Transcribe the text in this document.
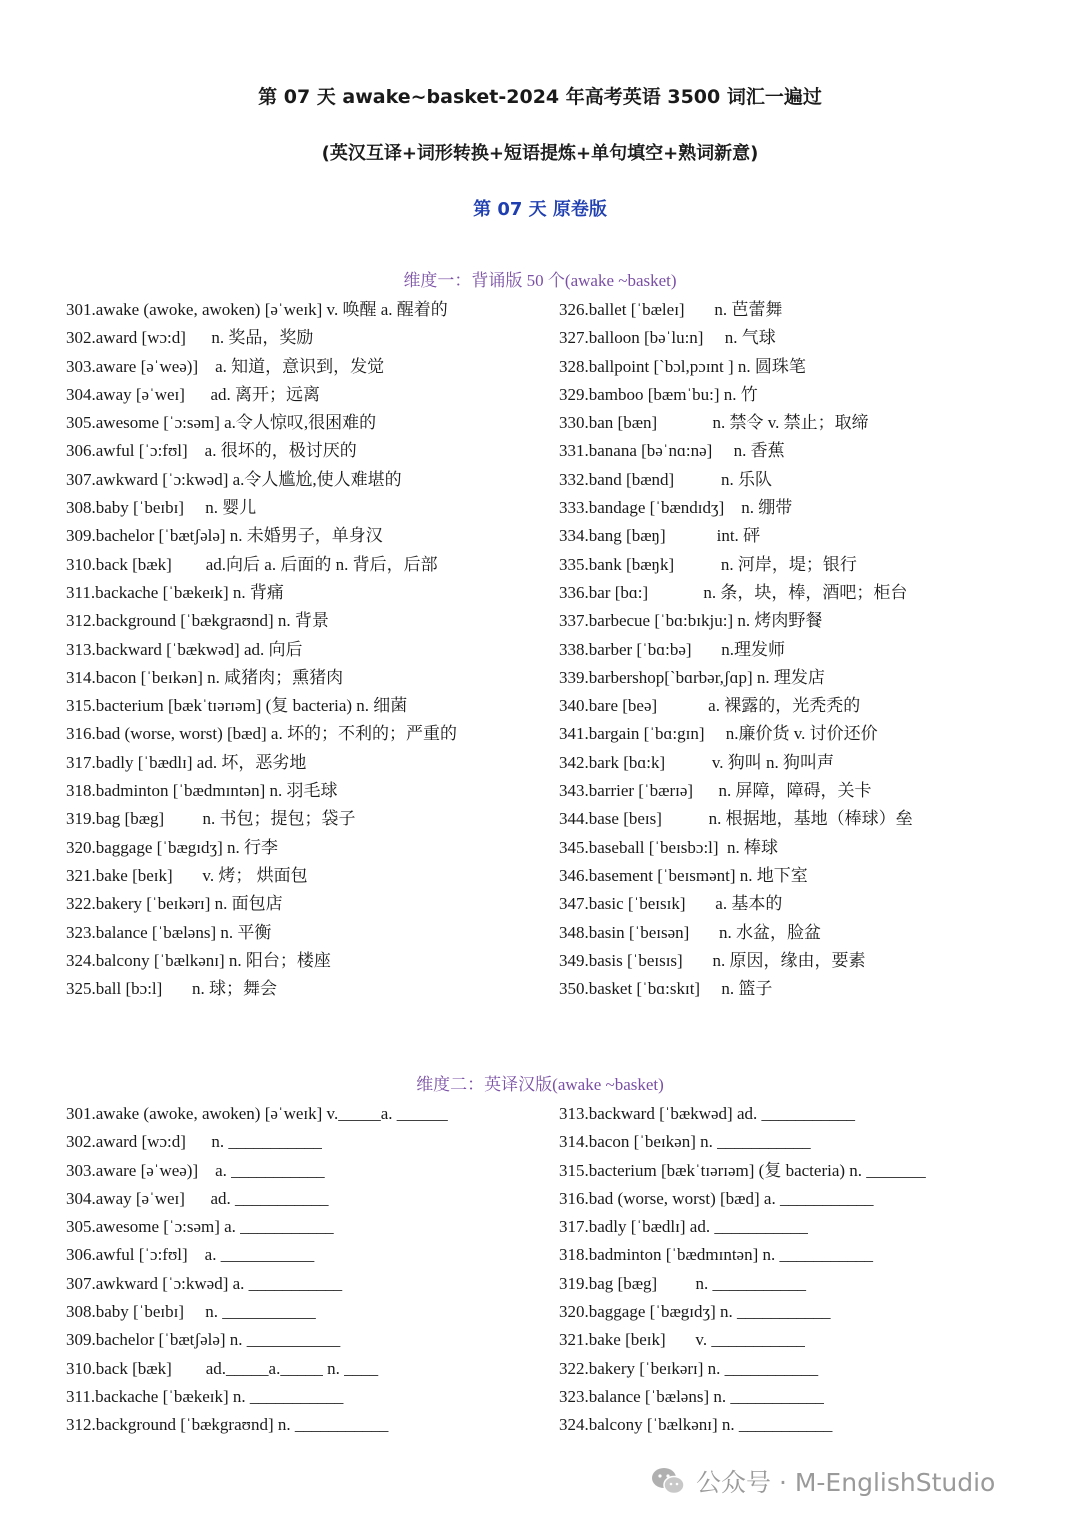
第 07 天 awake~basket-2024 年高考英语 3500 词汇一遍过
(英汉互译+词形转换+短语提炼+单句填空+熟词新意)
第 07 天 原卷版
维度一：背诵版 50 个(awake ~basket)
301.awake (awoke, awoken) [əˈweɪk] v. 唤醒 a. 醒着的
302.award [wɔ:d]      n. 奖品，奖励
303.aware [əˈweə)]    a. 知道，意识到，发觉
304.away [əˈweɪ]      ad. 离开；远离
305.awesome [ˈɔ:səm] a.令人惊叹,很困难的
306.awful [ˈɔ:fʊl]    a. 很坏的，极讨厌的
307.awkward [ˈɔ:kwəd] a.令人尴尬,使人难堪的
308.baby [ˈbeɪbɪ]     n. 婴儿
309.bachelor [ˈbætʃələ] n. 未婚男子，单身汉
310.back [bæk]        ad.向后 a. 后面的 n. 背后，后部
311.backache [ˈbækeɪk] n. 背痛
312.background [ˈbækgraʊnd] n. 背景
313.backward [ˈbækwəd] ad. 向后
314.bacon [ˈbeɪkən] n. 咸猪肉；熏猪肉
315.bacterium [bækˈtɪərɪəm] (复 bacteria) n. 细菌
316.bad (worse, worst) [bæd] a. 坏的；不利的；严重的
317.badly [ˈbædlɪ] ad. 坏，恶劣地
318.badminton [ˈbædmɪntən] n. 羽毛球
319.bag [bæg]         n. 书包；提包；袋子
320.baggage [ˈbægɪdʒ] n. 行李
321.bake [beɪk]       v. 烤； 烘面包
322.bakery [ˈbeɪkərɪ] n. 面包店
323.balance [ˈbæləns] n. 平衡
324.balcony [ˈbælkənɪ] n. 阳台；楼座
325.ball [bɔ:l]       n. 球；舞会
326.ballet [ˈbæleɪ]       n. 芭蕾舞
327.balloon [bəˈlu:n]     n. 气球
328.ballpoint [ˋbɔl,pɔɪnt ] n. 圆珠笔
329.bamboo [bæmˈbu:] n. 竹
330.ban [bæn]             n. 禁令 v. 禁止；取缔
331.banana [bəˈnɑ:nə]     n. 香蕉
332.band [bænd]           n. 乐队
333.bandage [ˈbændɪdʒ]    n. 绷带
334.bang [bæŋ]            int. 砰
335.bank [bæŋk]           n. 河岸，堤；银行
336.bar [bɑ:]             n. 条，块，棒，酒吧；柜台
337.barbecue [ˈbɑ:bɪkju:] n. 烤肉野餐
338.barber [ˈbɑ:bə]       n.理发师
339.barbershop[ˋbɑrbər,ʃɑp] n. 理发店
340.bare [beə]            a. 裸露的，光秃秃的
341.bargain [ˈbɑ:gɪn]     n.廉价货 v. 讨价还价
342.bark [bɑ:k]           v. 狗叫 n. 狗叫声
343.barrier [ˈbærɪə]      n. 屏障，障碍，关卡
344.base [beɪs]           n. 根据地，基地（棒球）垒
345.baseball [ˈbeɪsbɔ:l]  n. 棒球
346.basement [ˈbeɪsmənt] n. 地下室
347.basic [ˈbeɪsɪk]       a. 基本的
348.basin [ˈbeɪsən]       n. 水盆，脸盆
349.basis [ˈbeɪsɪs]       n. 原因，缘由，要素
350.basket [ˈbɑ:skɪt]     n. 篮子
维度二：英译汉版(awake ~basket)
301.awake (awoke, awoken) [əˈweɪk] v._____a. ______
302.award [wɔ:d]      n. ___________
303.aware [əˈweə)]    a. ___________
304.away [əˈweɪ]      ad. ___________
305.awesome [ˈɔ:səm] a. ___________
306.awful [ˈɔ:fʊl]    a. ___________
307.awkward [ˈɔ:kwəd] a. ___________
308.baby [ˈbeɪbɪ]     n. ___________
309.bachelor [ˈbætʃələ] n. ___________
310.back [bæk]        ad._____a._____ n. ____
311.backache [ˈbækeɪk] n. ___________
312.background [ˈbækgraʊnd] n. ___________
313.backward [ˈbækwəd] ad. ___________
314.bacon [ˈbeɪkən] n. ___________
315.bacterium [bækˈtɪərɪəm] (复 bacteria) n. _______
316.bad (worse, worst) [bæd] a. ___________
317.badly [ˈbædlɪ] ad. ___________
318.badminton [ˈbædmɪntən] n. ___________
319.bag [bæg]         n. ___________
320.baggage [ˈbægɪdʒ] n. ___________
321.bake [beɪk]       v. ___________
322.bakery [ˈbeɪkərɪ] n. ___________
323.balance [ˈbæləns] n. ___________
324.balcony [ˈbælkənɪ] n. ___________
公众号 · M-EnglishStudio
